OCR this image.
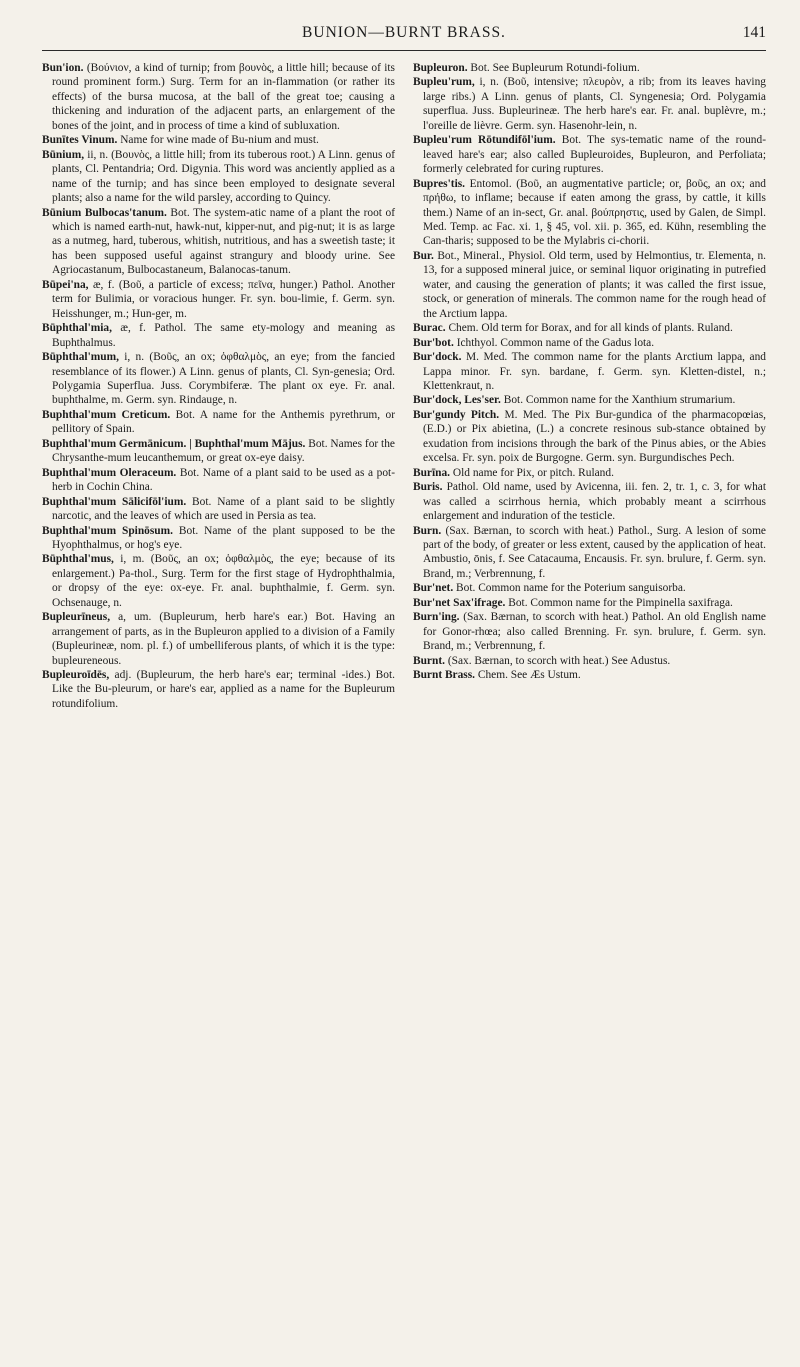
BUNION—BURNT BRASS.	141

Bun'ion. (Βούνιον, a kind of turnip; from βουνὸς, a little hill; because of its round prominent form.) Surg. Term for an in-flammation (or rather its effects) of the bursa mucosa, at the ball of the great toe; causing a thickening and induration of the adjacent parts, an enlargement of the bones of the joint, and in process of time a kind of subluxation.

Bunītes Vinum. Name for wine made of Bu-nium and must.

Būnium, ii, n. (Βουνὸς, a little hill; from its tuberous root.) A Linn. genus of plants, Cl. Pentandria; Ord. Digynia. This word was anciently applied as a name of the turnip; and has since been employed to designate several plants; also a name for the wild parsley, according to Quincy.

Būnium Bulbocas'tanum. Bot. The system-atic name of a plant the root of which is named earth-nut, hawk-nut, kipper-nut, and pig-nut; it is as large as a nutmeg, hard, tuberous, whitish, nutritious, and has a sweetish taste; it has been supposed useful against strangury and bloody urine. See Agriocastanum, Bulbocastaneum, Balanocas-tanum.

Būpei'na, æ, f. (Βοῦ, a particle of excess; πεῖνα, hunger.) Pathol. Another term for Bulimia, or voracious hunger. Fr. syn. bou-limie, f. Germ. syn. Heisshunger, m.; Hun-ger, m.

Būphthal'mia, æ, f. Pathol. The same ety-mology and meaning as Buphthalmus.

Būphthal'mum, i, n. (Βοῦς, an ox; ὀφθαλμὸς, an eye; from the fancied resemblance of its flower.) A Linn. genus of plants, Cl. Syn-genesia; Ord. Polygamia Superflua. Juss. Corymbiferæ. The plant ox eye. Fr. anal. buphthalme, m. Germ. syn. Rindauge, n.

Buphthal'mum Creticum. Bot. A name for the Anthemis pyrethrum, or pellitory of Spain.

Buphthal'mum Germānicum. | Buphthal'mum Mājus. Bot. Names for the Chrysanthe-mum leucanthemum, or great ox-eye daisy.

Buphthal'mum Oleraceum. Bot. Name of a plant said to be used as a pot-herb in Cochin China.

Buphthal'mum Sālicifōl'ium. Bot. Name of a plant said to be slightly narcotic, and the leaves of which are used in Persia as tea.

Buphthal'mum Spinōsum. Bot. Name of the plant supposed to be the Hyophthalmus, or hog's eye.

Būphthal'mus, i, m. (Βοῦς, an ox; ὀφθαλμὸς, the eye; because of its enlargement.) Pa-thol., Surg. Term for the first stage of Hydrophthalmia, or dropsy of the eye: ox-eye. Fr. anal. buphthalmie, f. Germ. syn. Ochsenauge, n.

Bupleurīneus, a, um. (Bupleurum, herb hare's ear.) Bot. Having an arrangement of parts, as in the Bupleuron applied to a division of a Family (Bupleurineæ, nom. pl. f.) of umbelliferous plants, of which it is the type: bupleureneous.

Bupleuroīdēs, adj. (Bupleurum, the herb hare's ear; terminal -ides.) Bot. Like the Bu-pleurum, or hare's ear, applied as a name for the Bupleurum rotundifolium.

Bupleuron. Bot. See Bupleurum Rotundi-folium.

Bupleu'rum, i, n. (Βοῦ, intensive; πλευρὸν, a rib; from its leaves having large ribs.) A Linn. genus of plants, Cl. Syngenesia; Ord. Polygamia superflua. Juss. Bupleurineæ. The herb hare's ear. Fr. anal. buplèvre, m.; l'oreille de lièvre. Germ. syn. Hasenohr-lein, n.

Bupleu'rum Rōtundifōl'ium. Bot. The sys-tematic name of the round-leaved hare's ear; also called Bupleuroides, Bupleuron, and Perfoliata; formerly celebrated for curing ruptures.

Bupres'tis. Entomol. (Βοῦ, an augmentative particle; or, βοῦς, an ox; and πρήθω, to inflame; because if eaten among the grass, by cattle, it kills them.) Name of an in-sect, Gr. anal. βούπρηστις, used by Galen, de Simpl. Med. Temp. ac Fac. xi. 1, § 45, vol. xii. p. 365, ed. Kühn, resembling the Can-tharis; supposed to be the Mylabris ci-chorii.

Bur. Bot., Mineral., Physiol. Old term, used by Helmontius, tr. Elementa, n. 13, for a supposed mineral juice, or seminal liquor originating in putrefied water, and causing the generation of plants; it was called the first issue, stock, or generation of minerals. The common name for the rough head of the Arctium lappa.

Burac. Chem. Old term for Borax, and for all kinds of plants. Ruland.

Bur'bot. Ichthyol. Common name of the Gadus lota.

Bur'dock. M. Med. The common name for the plants Arctium lappa, and Lappa minor. Fr. syn. bardane, f. Germ. syn. Kletten-distel, n.; Klettenkraut, n.

Bur'dock, Les'ser. Bot. Common name for the Xanthium strumarium.

Bur'gundy Pitch. M. Med. The Pix Bur-gundica of the pharmacopœias, (E.D.) or Pix abietina, (L.) a concrete resinous sub-stance obtained by exudation from incisions through the bark of the Pinus abies, or the Abies excelsa. Fr. syn. poix de Burgogne. Germ. syn. Burgundisches Pech.

Burīna. Old name for Pix, or pitch. Ruland.

Buris. Pathol. Old name, used by Avicenna, iii. fen. 2, tr. 1, c. 3, for what was called a scirrhous hernia, which probably meant a scirrhous enlargement and induration of the testicle.

Burn. (Sax. Bærnan, to scorch with heat.) Pathol., Surg. A lesion of some part of the body, of greater or less extent, caused by the application of heat. Ambustio, ōnis, f. See Catacauma, Encausis. Fr. syn. brulure, f. Germ. syn. Brand, m.; Verbrennung, f.

Bur'net. Bot. Common name for the Poterium sanguisorba.

Bur'net Sax'ifrage. Bot. Common name for the Pimpinella saxifraga.

Burn'ing. (Sax. Bærnan, to scorch with heat.) Pathol. An old English name for Gonor-rhœa; also called Brenning. Fr. syn. brulure, f. Germ. syn. Brand, m.; Verbrennung, f.

Burnt. (Sax. Bærnan, to scorch with heat.) See Adustus.

Burnt Brass. Chem. See Æs Ustum.
